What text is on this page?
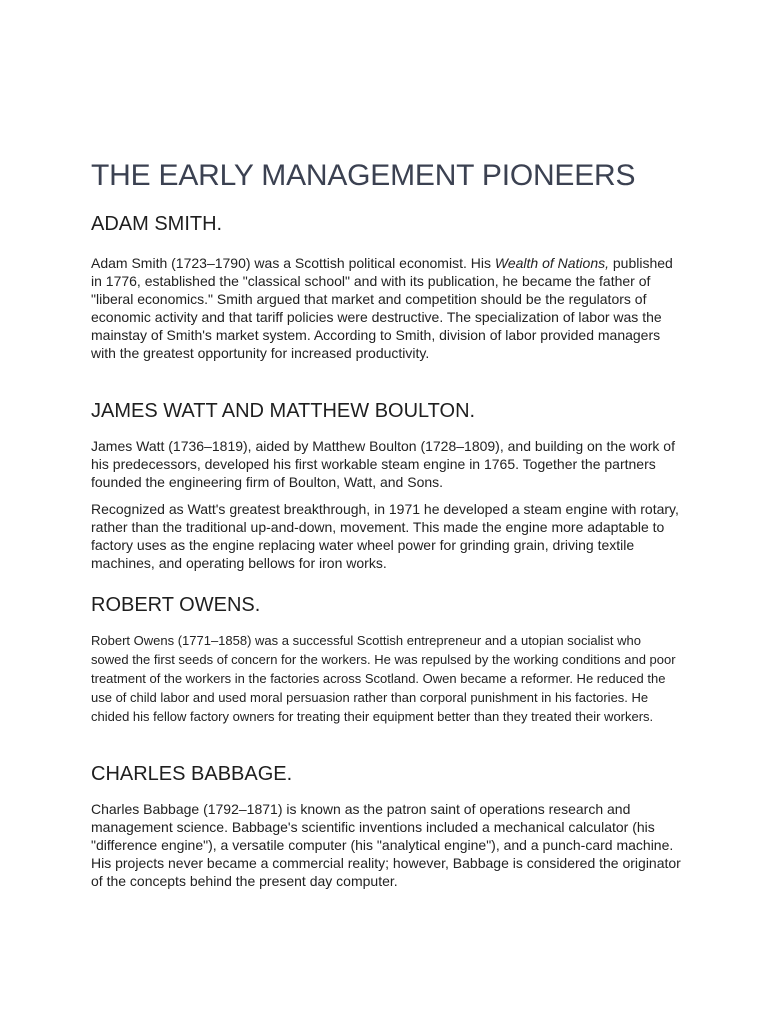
THE EARLY MANAGEMENT PIONEERS
ADAM SMITH.

Adam Smith (1723–1790) was a Scottish political economist. His Wealth of Nations, published in 1776, established the "classical school" and with its publication, he became the father of "liberal economics." Smith argued that market and competition should be the regulators of economic activity and that tariff policies were destructive. The specialization of labor was the mainstay of Smith's market system. According to Smith, division of labor provided managers with the greatest opportunity for increased productivity.

JAMES WATT AND MATTHEW BOULTON.

James Watt (1736–1819), aided by Matthew Boulton (1728–1809), and building on the work of his predecessors, developed his first workable steam engine in 1765. Together the partners founded the engineering firm of Boulton, Watt, and Sons.

Recognized as Watt's greatest breakthrough, in 1971 he developed a steam engine with rotary, rather than the traditional up-and-down, movement. This made the engine more adaptable to factory uses as the engine replacing water wheel power for grinding grain, driving textile machines, and operating bellows for iron works.

ROBERT OWENS.

Robert Owens (1771–1858) was a successful Scottish entrepreneur and a utopian socialist who sowed the first seeds of concern for the workers. He was repulsed by the working conditions and poor treatment of the workers in the factories across Scotland. Owen became a reformer. He reduced the use of child labor and used moral persuasion rather than corporal punishment in his factories. He chided his fellow factory owners for treating their equipment better than they treated their workers.

CHARLES BABBAGE.

Charles Babbage (1792–1871) is known as the patron saint of operations research and management science. Babbage's scientific inventions included a mechanical calculator (his "difference engine"), a versatile computer (his "analytical engine"), and a punch-card machine. His projects never became a commercial reality; however, Babbage is considered the originator of the concepts behind the present day computer.
